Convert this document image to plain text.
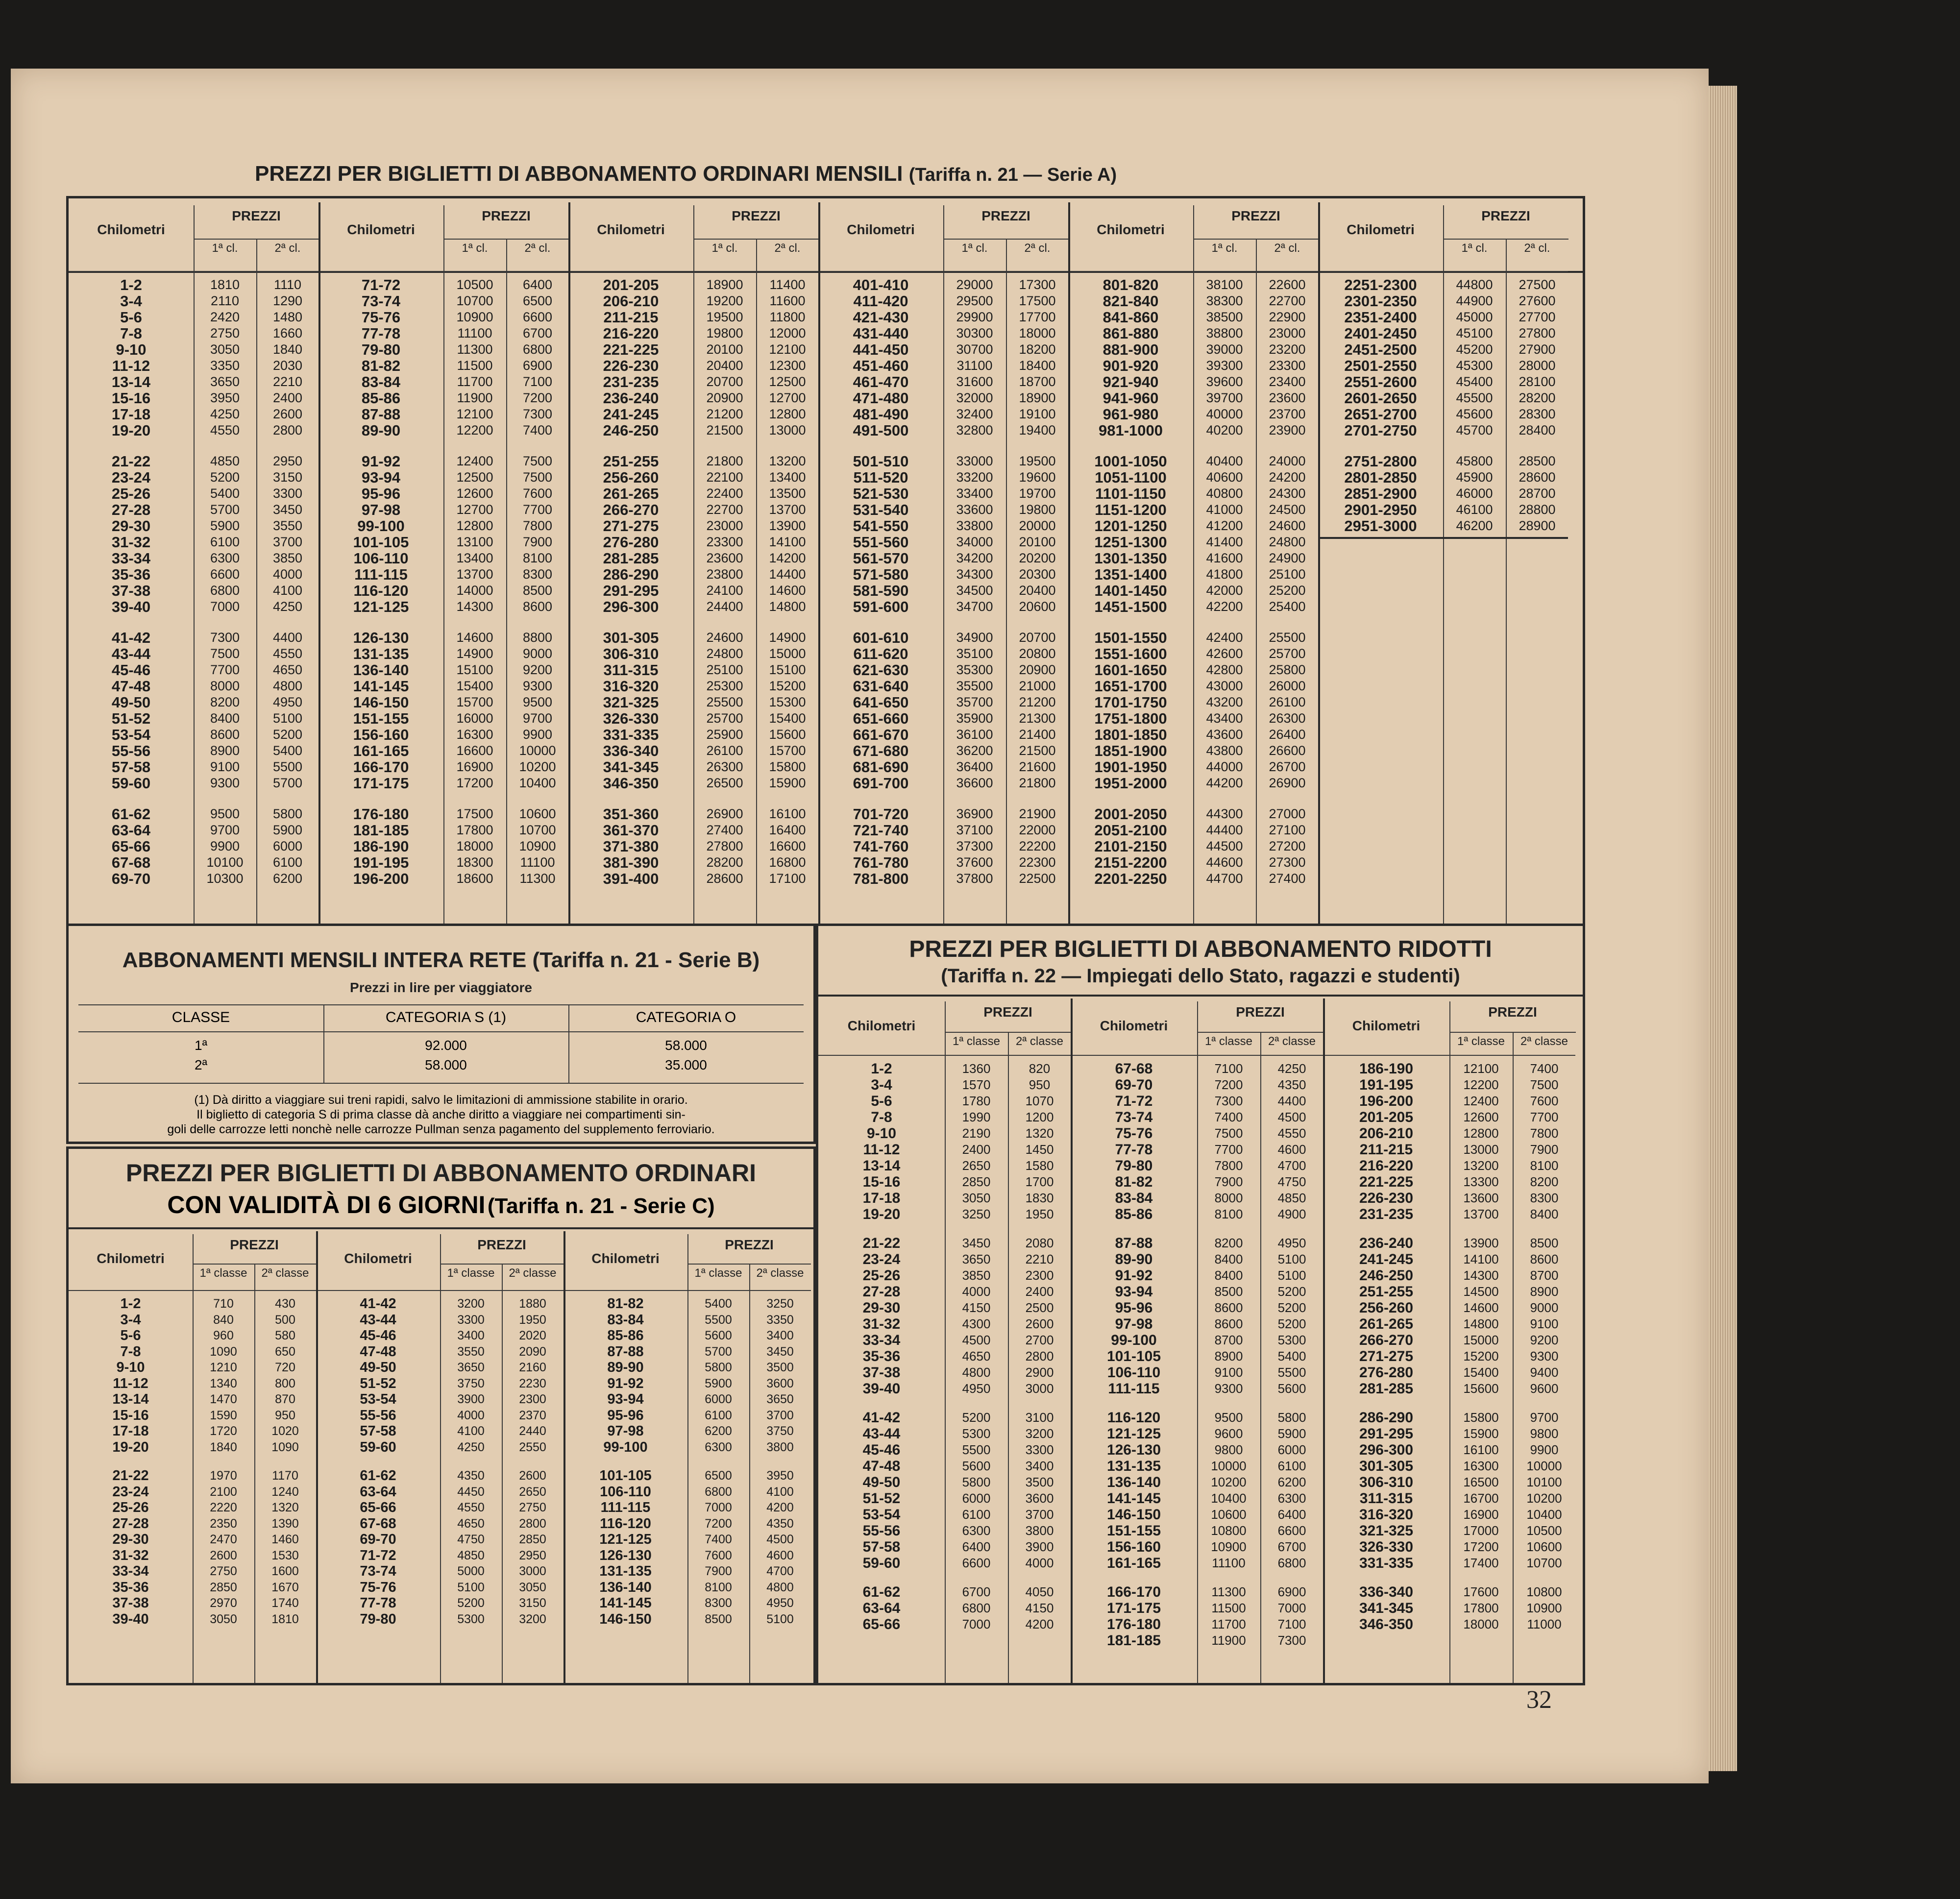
PREZZI PER BIGLIETTI DI ABBONAMENTO ORDINARI MENSILI (Tariffa n. 21 — Serie A)
Chilometri
PREZZI
1ª cl.	2ª cl.
1-2	1810	1110
3-4	2110	1290
5-6	2420	1480
7-8	2750	1660
9-10	3050	1840
11-12	3350	2030
13-14	3650	2210
15-16	3950	2400
17-18	4250	2600
19-20	4550	2800
21-22	4850	2950
23-24	5200	3150
25-26	5400	3300
27-28	5700	3450
29-30	5900	3550
31-32	6100	3700
33-34	6300	3850
35-36	6600	4000
37-38	6800	4100
39-40	7000	4250
41-42	7300	4400
43-44	7500	4550
45-46	7700	4650
47-48	8000	4800
49-50	8200	4950
51-52	8400	5100
53-54	8600	5200
55-56	8900	5400
57-58	9100	5500
59-60	9300	5700
61-62	9500	5800
63-64	9700	5900
65-66	9900	6000
67-68	10100	6100
69-70	10300	6200
Chilometri
PREZZI
1ª cl.	2ª cl.
71-72	10500	6400
73-74	10700	6500
75-76	10900	6600
77-78	11100	6700
79-80	11300	6800
81-82	11500	6900
83-84	11700	7100
85-86	11900	7200
87-88	12100	7300
89-90	12200	7400
91-92	12400	7500
93-94	12500	7500
95-96	12600	7600
97-98	12700	7700
99-100	12800	7800
101-105	13100	7900
106-110	13400	8100
111-115	13700	8300
116-120	14000	8500
121-125	14300	8600
126-130	14600	8800
131-135	14900	9000
136-140	15100	9200
141-145	15400	9300
146-150	15700	9500
151-155	16000	9700
156-160	16300	9900
161-165	16600	10000
166-170	16900	10200
171-175	17200	10400
176-180	17500	10600
181-185	17800	10700
186-190	18000	10900
191-195	18300	11100
196-200	18600	11300
Chilometri
PREZZI
1ª cl.	2ª cl.
201-205	18900	11400
206-210	19200	11600
211-215	19500	11800
216-220	19800	12000
221-225	20100	12100
226-230	20400	12300
231-235	20700	12500
236-240	20900	12700
241-245	21200	12800
246-250	21500	13000
251-255	21800	13200
256-260	22100	13400
261-265	22400	13500
266-270	22700	13700
271-275	23000	13900
276-280	23300	14100
281-285	23600	14200
286-290	23800	14400
291-295	24100	14600
296-300	24400	14800
301-305	24600	14900
306-310	24800	15000
311-315	25100	15100
316-320	25300	15200
321-325	25500	15300
326-330	25700	15400
331-335	25900	15600
336-340	26100	15700
341-345	26300	15800
346-350	26500	15900
351-360	26900	16100
361-370	27400	16400
371-380	27800	16600
381-390	28200	16800
391-400	28600	17100
Chilometri
PREZZI
1ª cl.	2ª cl.
401-410	29000	17300
411-420	29500	17500
421-430	29900	17700
431-440	30300	18000
441-450	30700	18200
451-460	31100	18400
461-470	31600	18700
471-480	32000	18900
481-490	32400	19100
491-500	32800	19400
501-510	33000	19500
511-520	33200	19600
521-530	33400	19700
531-540	33600	19800
541-550	33800	20000
551-560	34000	20100
561-570	34200	20200
571-580	34300	20300
581-590	34500	20400
591-600	34700	20600
601-610	34900	20700
611-620	35100	20800
621-630	35300	20900
631-640	35500	21000
641-650	35700	21200
651-660	35900	21300
661-670	36100	21400
671-680	36200	21500
681-690	36400	21600
691-700	36600	21800
701-720	36900	21900
721-740	37100	22000
741-760	37300	22200
761-780	37600	22300
781-800	37800	22500
Chilometri
PREZZI
1ª cl.	2ª cl.
801-820	38100	22600
821-840	38300	22700
841-860	38500	22900
861-880	38800	23000
881-900	39000	23200
901-920	39300	23300
921-940	39600	23400
941-960	39700	23600
961-980	40000	23700
981-1000	40200	23900
1001-1050	40400	24000
1051-1100	40600	24200
1101-1150	40800	24300
1151-1200	41000	24500
1201-1250	41200	24600
1251-1300	41400	24800
1301-1350	41600	24900
1351-1400	41800	25100
1401-1450	42000	25200
1451-1500	42200	25400
1501-1550	42400	25500
1551-1600	42600	25700
1601-1650	42800	25800
1651-1700	43000	26000
1701-1750	43200	26100
1751-1800	43400	26300
1801-1850	43600	26400
1851-1900	43800	26600
1901-1950	44000	26700
1951-2000	44200	26900
2001-2050	44300	27000
2051-2100	44400	27100
2101-2150	44500	27200
2151-2200	44600	27300
2201-2250	44700	27400
Chilometri
PREZZI
1ª cl.	2ª cl.
2251-2300	44800	27500
2301-2350	44900	27600
2351-2400	45000	27700
2401-2450	45100	27800
2451-2500	45200	27900
2501-2550	45300	28000
2551-2600	45400	28100
2601-2650	45500	28200
2651-2700	45600	28300
2701-2750	45700	28400
2751-2800	45800	28500
2801-2850	45900	28600
2851-2900	46000	28700
2901-2950	46100	28800
2951-3000	46200	28900
ABBONAMENTI MENSILI INTERA RETE (Tariffa n. 21 - Serie B)
Prezzi in lire per viaggiatore
CLASSE	CATEGORIA S (1)	CATEGORIA O
1ª	92.000	58.000
2ª	58.000	35.000
(1) Dà diritto a viaggiare sui treni rapidi, salvo le limitazioni di ammissione stabilite in orario.
Il biglietto di categoria S di prima classe dà anche diritto a viaggiare nei compartimenti sin-
goli delle carrozze letti nonchè nelle carrozze Pullman senza pagamento del supplemento ferroviario.
PREZZI PER BIGLIETTI DI ABBONAMENTO ORDINARI
CON VALIDITÀ DI 6 GIORNI (Tariffa n. 21 - Serie C)
Chilometri
PREZZI
1ª classe	2ª classe
1-2	710	430
3-4	840	500
5-6	960	580
7-8	1090	650
9-10	1210	720
11-12	1340	800
13-14	1470	870
15-16	1590	950
17-18	1720	1020
19-20	1840	1090
21-22	1970	1170
23-24	2100	1240
25-26	2220	1320
27-28	2350	1390
29-30	2470	1460
31-32	2600	1530
33-34	2750	1600
35-36	2850	1670
37-38	2970	1740
39-40	3050	1810
Chilometri
PREZZI
1ª classe	2ª classe
41-42	3200	1880
43-44	3300	1950
45-46	3400	2020
47-48	3550	2090
49-50	3650	2160
51-52	3750	2230
53-54	3900	2300
55-56	4000	2370
57-58	4100	2440
59-60	4250	2550
61-62	4350	2600
63-64	4450	2650
65-66	4550	2750
67-68	4650	2800
69-70	4750	2850
71-72	4850	2950
73-74	5000	3000
75-76	5100	3050
77-78	5200	3150
79-80	5300	3200
Chilometri
PREZZI
1ª classe	2ª classe
81-82	5400	3250
83-84	5500	3350
85-86	5600	3400
87-88	5700	3450
89-90	5800	3500
91-92	5900	3600
93-94	6000	3650
95-96	6100	3700
97-98	6200	3750
99-100	6300	3800
101-105	6500	3950
106-110	6800	4100
111-115	7000	4200
116-120	7200	4350
121-125	7400	4500
126-130	7600	4600
131-135	7900	4700
136-140	8100	4800
141-145	8300	4950
146-150	8500	5100
PREZZI PER BIGLIETTI DI ABBONAMENTO RIDOTTI
(Tariffa n. 22 — Impiegati dello Stato, ragazzi e studenti)
Chilometri
PREZZI
1ª classe	2ª classe
1-2	1360	820
3-4	1570	950
5-6	1780	1070
7-8	1990	1200
9-10	2190	1320
11-12	2400	1450
13-14	2650	1580
15-16	2850	1700
17-18	3050	1830
19-20	3250	1950
21-22	3450	2080
23-24	3650	2210
25-26	3850	2300
27-28	4000	2400
29-30	4150	2500
31-32	4300	2600
33-34	4500	2700
35-36	4650	2800
37-38	4800	2900
39-40	4950	3000
41-42	5200	3100
43-44	5300	3200
45-46	5500	3300
47-48	5600	3400
49-50	5800	3500
51-52	6000	3600
53-54	6100	3700
55-56	6300	3800
57-58	6400	3900
59-60	6600	4000
61-62	6700	4050
63-64	6800	4150
65-66	7000	4200
Chilometri
PREZZI
1ª classe	2ª classe
67-68	7100	4250
69-70	7200	4350
71-72	7300	4400
73-74	7400	4500
75-76	7500	4550
77-78	7700	4600
79-80	7800	4700
81-82	7900	4750
83-84	8000	4850
85-86	8100	4900
87-88	8200	4950
89-90	8400	5100
91-92	8400	5100
93-94	8500	5200
95-96	8600	5200
97-98	8600	5200
99-100	8700	5300
101-105	8900	5400
106-110	9100	5500
111-115	9300	5600
116-120	9500	5800
121-125	9600	5900
126-130	9800	6000
131-135	10000	6100
136-140	10200	6200
141-145	10400	6300
146-150	10600	6400
151-155	10800	6600
156-160	10900	6700
161-165	11100	6800
166-170	11300	6900
171-175	11500	7000
176-180	11700	7100
181-185	11900	7300
Chilometri
PREZZI
1ª classe	2ª classe
186-190	12100	7400
191-195	12200	7500
196-200	12400	7600
201-205	12600	7700
206-210	12800	7800
211-215	13000	7900
216-220	13200	8100
221-225	13300	8200
226-230	13600	8300
231-235	13700	8400
236-240	13900	8500
241-245	14100	8600
246-250	14300	8700
251-255	14500	8900
256-260	14600	9000
261-265	14800	9100
266-270	15000	9200
271-275	15200	9300
276-280	15400	9400
281-285	15600	9600
286-290	15800	9700
291-295	15900	9800
296-300	16100	9900
301-305	16300	10000
306-310	16500	10100
311-315	16700	10200
316-320	16900	10400
321-325	17000	10500
326-330	17200	10600
331-335	17400	10700
336-340	17600	10800
341-345	17800	10900
346-350	18000	11000
32
